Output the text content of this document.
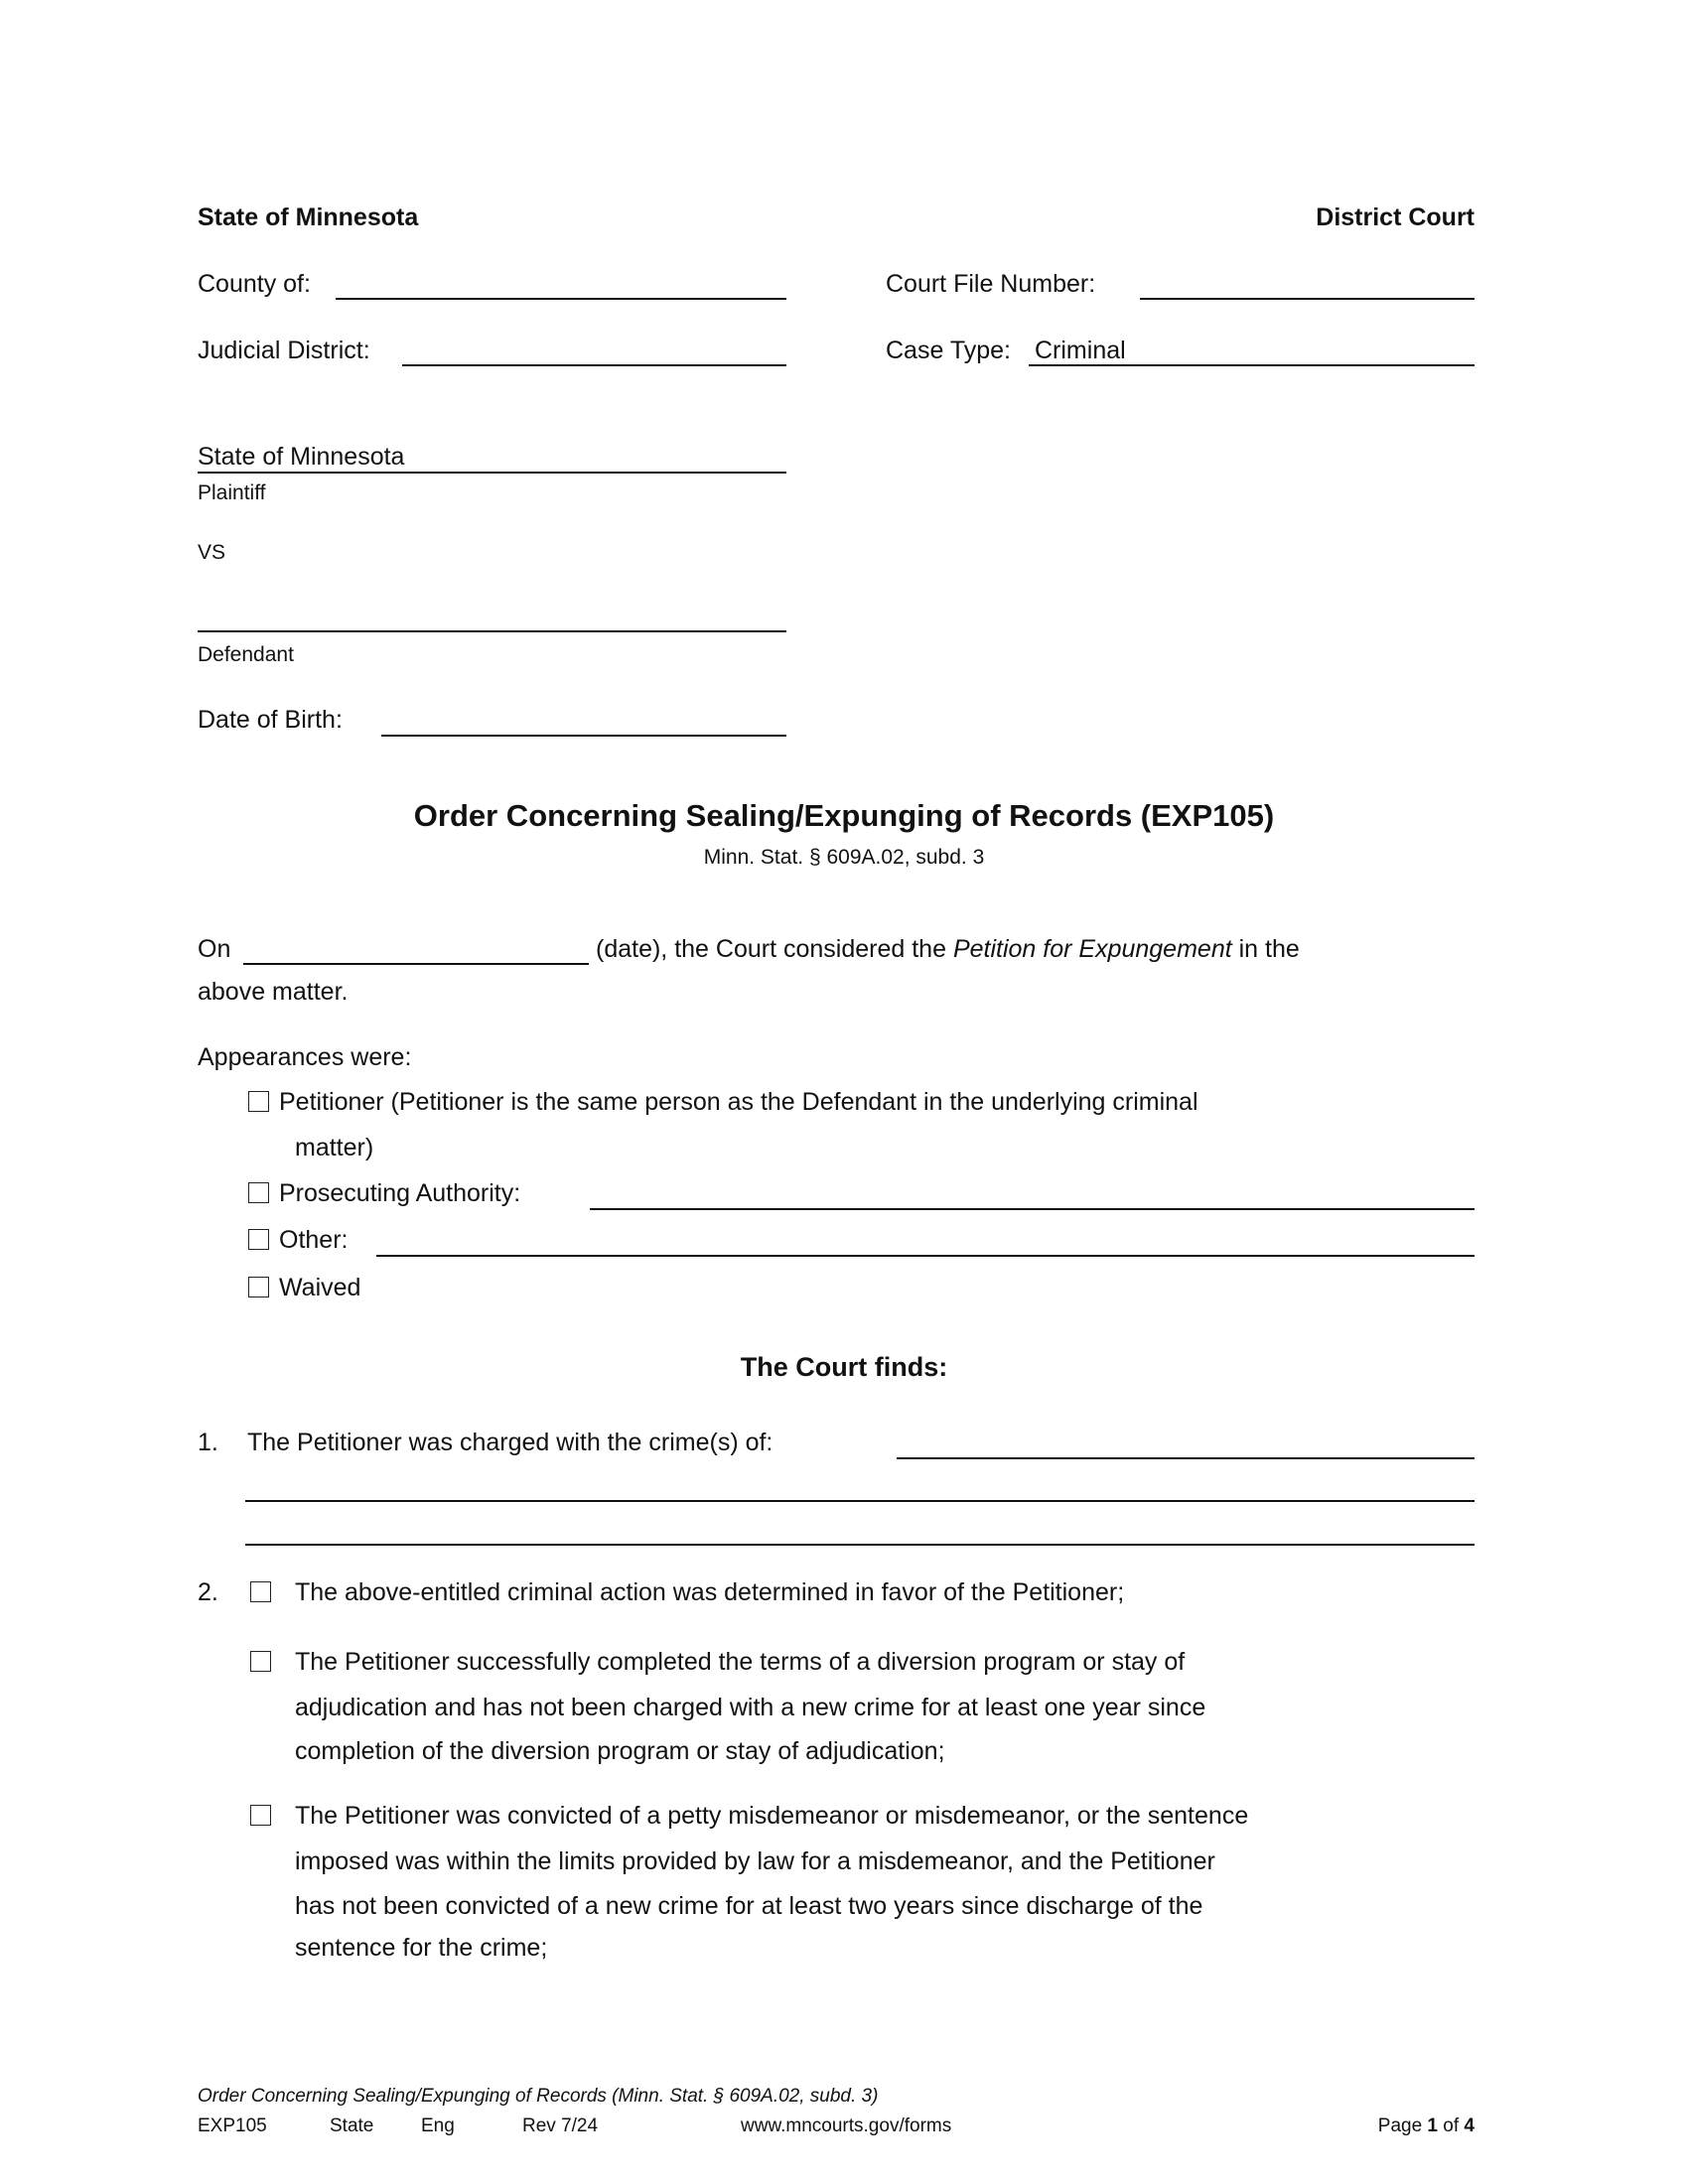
State of Minnesota	District Court
County of:	Court File Number:
Judicial District:	Case Type: Criminal
State of Minnesota
Plaintiff
VS
Defendant
Date of Birth:
Order Concerning Sealing/Expunging of Records (EXP105)
Minn. Stat. § 609A.02, subd. 3
On	(date), the Court considered the Petition for Expungement in the
above matter.
Appearances were:
Petitioner (Petitioner is the same person as the Defendant in the underlying criminal
matter)
Prosecuting Authority:
Other:
Waived
The Court finds:
1. The Petitioner was charged with the crime(s) of:
2.	The above-entitled criminal action was determined in favor of the Petitioner;
The Petitioner successfully completed the terms of a diversion program or stay of
adjudication and has not been charged with a new crime for at least one year since
completion of the diversion program or stay of adjudication;
The Petitioner was convicted of a petty misdemeanor or misdemeanor, or the sentence
imposed was within the limits provided by law for a misdemeanor, and the Petitioner
has not been convicted of a new crime for at least two years since discharge of the
sentence for the crime;
Order Concerning Sealing/Expunging of Records (Minn. Stat. § 609A.02, subd. 3)
EXP105	State	Eng	Rev 7/24	www.mncourts.gov/forms	Page 1 of 4
